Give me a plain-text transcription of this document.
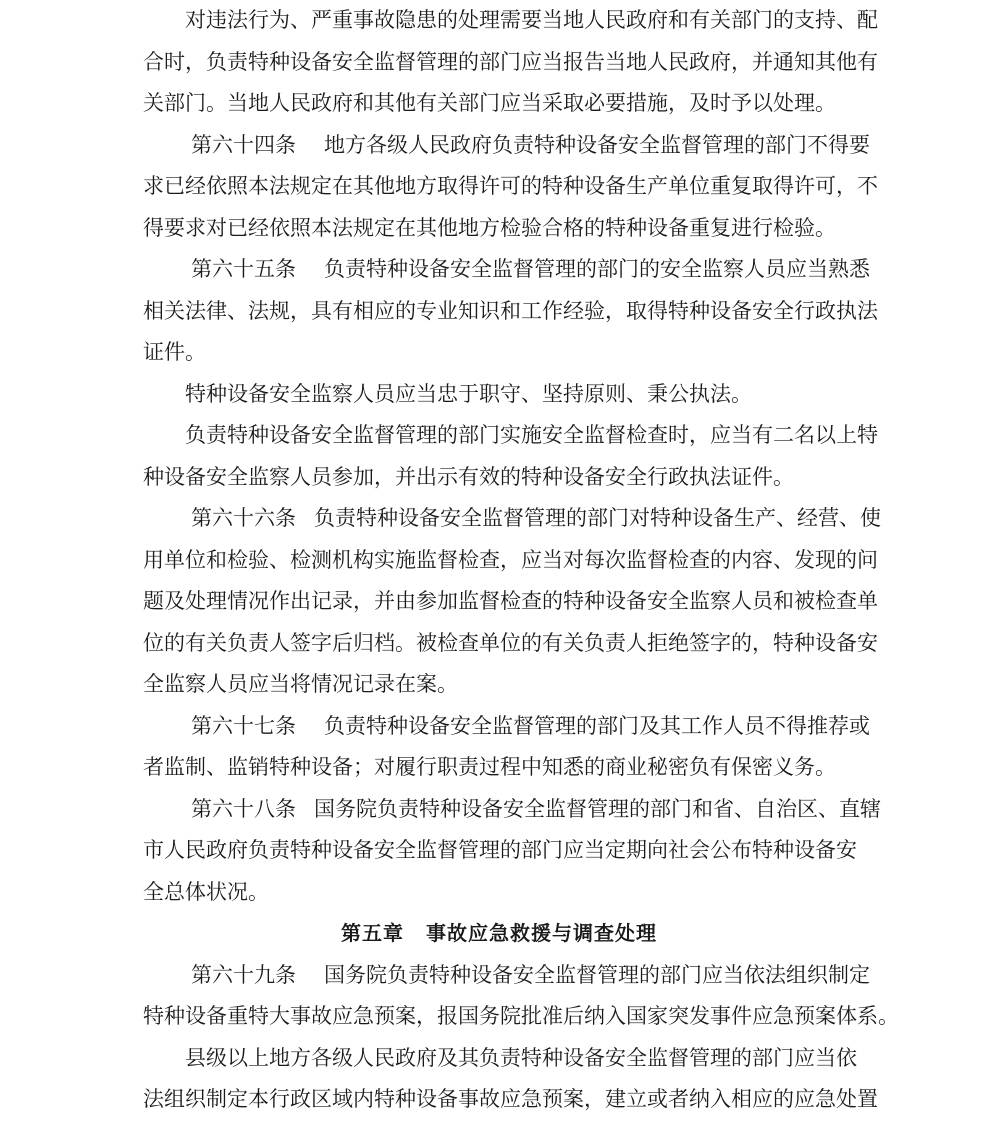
　　对违法行为、严重事故隐患的处理需要当地人民政府和有关部门的支持、配
合时，负责特种设备安全监督管理的部门应当报告当地人民政府，并通知其他有
关部门。当地人民政府和其他有关部门应当采取必要措施，及时予以处理。

第六十四条 地方各级人民政府负责特种设备安全监督管理的部门不得要
求已经依照本法规定在其他地方取得许可的特种设备生产单位重复取得许可，不
得要求对已经依照本法规定在其他地方检验合格的特种设备重复进行检验。

第六十五条 负责特种设备安全监督管理的部门的安全监察人员应当熟悉
相关法律、法规，具有相应的专业知识和工作经验，取得特种设备安全行政执法
证件。

　　特种设备安全监察人员应当忠于职守、坚持原则、秉公执法。

　　负责特种设备安全监督管理的部门实施安全监督检查时，应当有二名以上特
种设备安全监察人员参加，并出示有效的特种设备安全行政执法证件。

第六十六条 负责特种设备安全监督管理的部门对特种设备生产、经营、使
用单位和检验、检测机构实施监督检查，应当对每次监督检查的内容、发现的问
题及处理情况作出记录，并由参加监督检查的特种设备安全监察人员和被检查单
位的有关负责人签字后归档。被检查单位的有关负责人拒绝签字的，特种设备安
全监察人员应当将情况记录在案。

第六十七条 负责特种设备安全监督管理的部门及其工作人员不得推荐或
者监制、监销特种设备；对履行职责过程中知悉的商业秘密负有保密义务。

第六十八条 国务院负责特种设备安全监督管理的部门和省、自治区、直辖
市人民政府负责特种设备安全监督管理的部门应当定期向社会公布特种设备安
全总体状况。

第五章 事故应急救援与调查处理

第六十九条 国务院负责特种设备安全监督管理的部门应当依法组织制定
特种设备重特大事故应急预案，报国务院批准后纳入国家突发事件应急预案体系。

　　县级以上地方各级人民政府及其负责特种设备安全监督管理的部门应当依
法组织制定本行政区域内特种设备事故应急预案，建立或者纳入相应的应急处置
